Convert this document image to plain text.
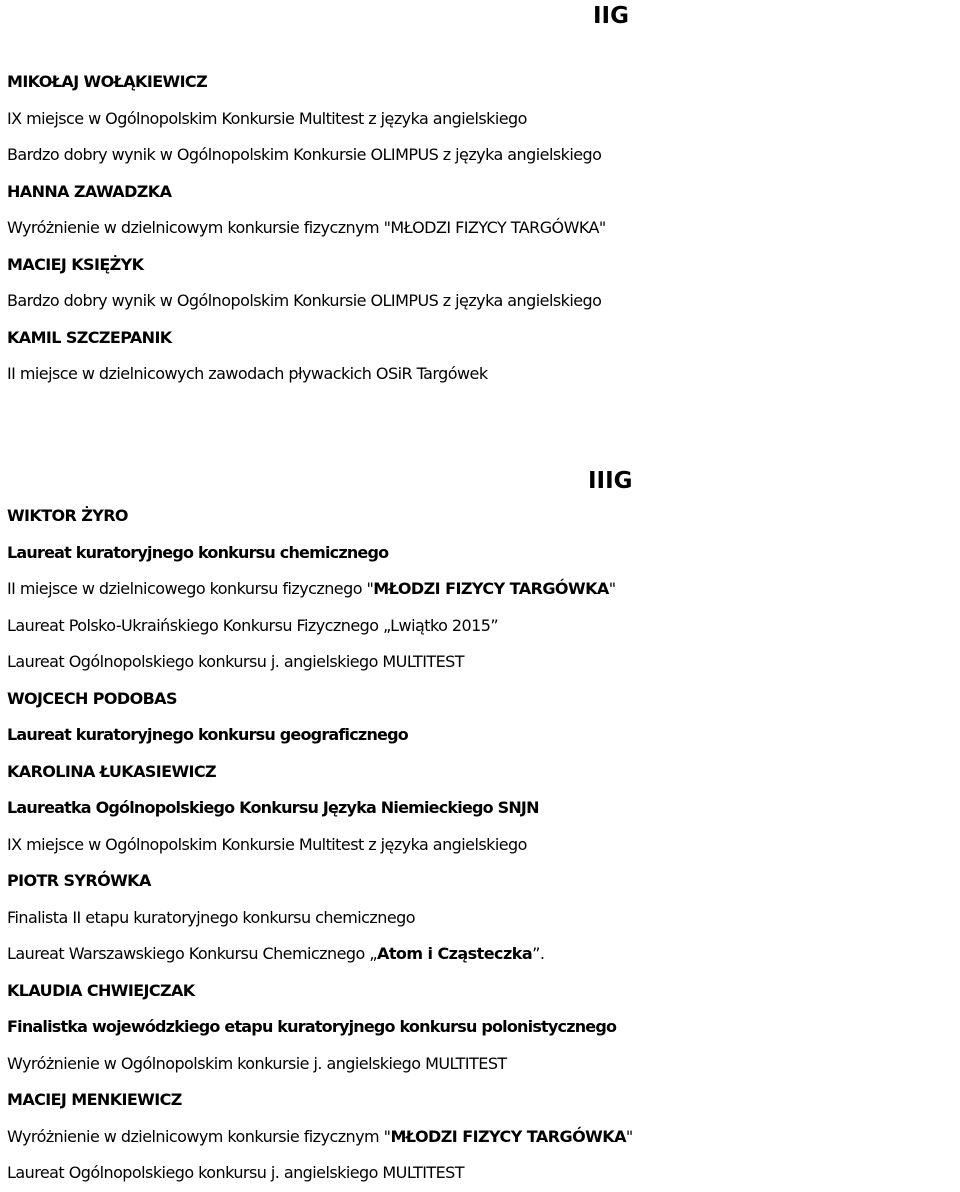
IIG
MIKOŁAJ WOŁĄKIEWICZ
IX miejsce w Ogólnopolskim Konkursie Multitest z języka angielskiego
Bardzo dobry wynik w Ogólnopolskim Konkursie OLIMPUS z języka angielskiego
HANNA ZAWADZKA
Wyróżnienie w dzielnicowym konkursie fizycznym "MŁODZI FIZYCY TARGÓWKA"
MACIEJ KSIĘŻYK
Bardzo dobry wynik w Ogólnopolskim Konkursie OLIMPUS z języka angielskiego
KAMIL SZCZEPANIK
II miejsce w dzielnicowych zawodach pływackich OSiR Targówek
IIIG
WIKTOR ŻYRO
Laureat kuratoryjnego konkursu chemicznego
II miejsce w dzielnicowego konkursu fizycznego "MŁODZI FIZYCY TARGÓWKA"
Laureat Polsko-Ukraińskiego Konkursu Fizycznego „Lwiątko 2015”
Laureat Ogólnopolskiego konkursu j. angielskiego MULTITEST
WOJCECH PODOBAS
Laureat kuratoryjnego konkursu geograficznego
KAROLINA ŁUKASIEWICZ
Laureatka Ogólnopolskiego Konkursu Języka Niemieckiego SNJN
IX miejsce w Ogólnopolskim Konkursie Multitest z języka angielskiego
PIOTR SYRÓWKA
Finalista II etapu kuratoryjnego konkursu chemicznego
Laureat Warszawskiego Konkursu Chemicznego „Atom i Cząsteczka”.
KLAUDIA CHWIEJCZAK
Finalistka wojewódzkiego etapu kuratoryjnego konkursu polonistycznego
Wyróżnienie w Ogólnopolskim konkursie j. angielskiego MULTITEST
MACIEJ MENKIEWICZ
Wyróżnienie w dzielnicowym konkursie fizycznym "MŁODZI FIZYCY TARGÓWKA"
Laureat Ogólnopolskiego konkursu j. angielskiego MULTITEST
